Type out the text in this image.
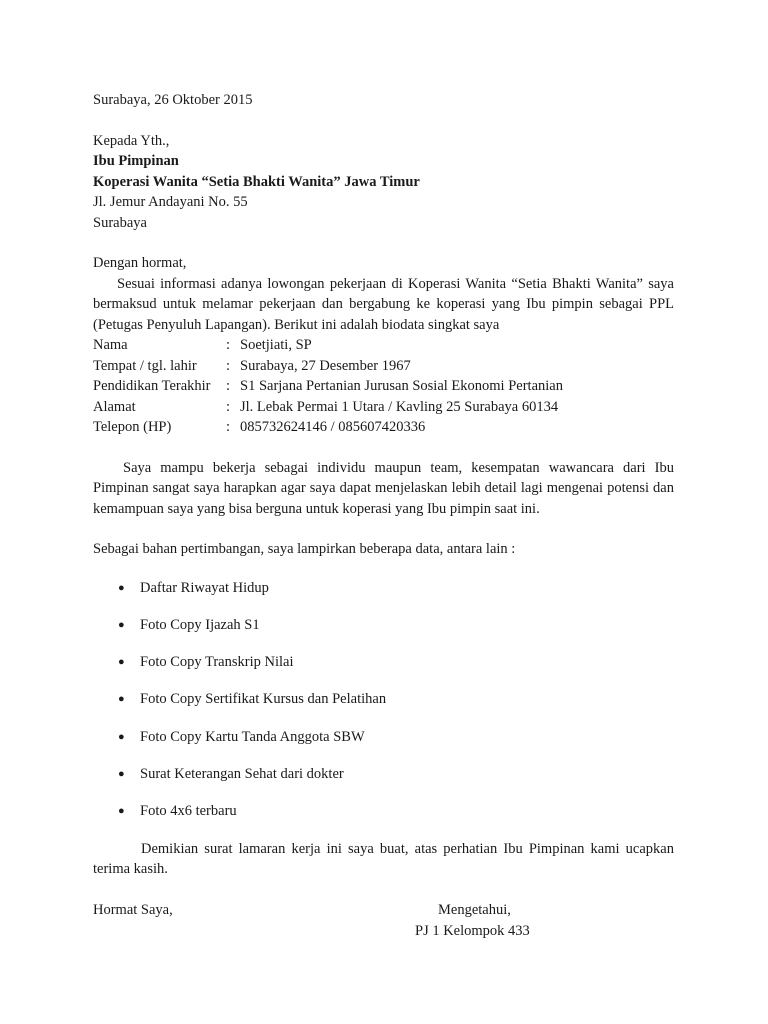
Surabaya, 26 Oktober 2015
Kepada Yth.,
Ibu Pimpinan
Koperasi Wanita “Setia Bhakti Wanita” Jawa Timur
Jl. Jemur Andayani No. 55
Surabaya
Dengan hormat,
Sesuai informasi adanya lowongan pekerjaan di Koperasi Wanita “Setia Bhakti Wanita” saya bermaksud untuk melamar pekerjaan dan bergabung ke koperasi yang Ibu pimpin sebagai PPL (Petugas Penyuluh Lapangan). Berikut ini adalah biodata singkat saya
Nama	: Soetjiati, SP
Tempat / tgl. lahir	: Surabaya, 27 Desember 1967
Pendidikan Terakhir	: S1 Sarjana Pertanian Jurusan Sosial Ekonomi Pertanian
Alamat	: Jl. Lebak Permai 1 Utara / Kavling 25 Surabaya 60134
Telepon (HP)	: 085732624146 / 085607420336
Saya mampu bekerja sebagai individu maupun team, kesempatan wawancara dari Ibu Pimpinan sangat saya harapkan agar saya dapat menjelaskan lebih detail lagi mengenai potensi dan kemampuan saya yang bisa berguna untuk koperasi yang Ibu pimpin saat ini.
Sebagai bahan pertimbangan, saya lampirkan beberapa data, antara lain :
● Daftar Riwayat Hidup
● Foto Copy Ijazah S1
● Foto Copy Transkrip Nilai
● Foto Copy Sertifikat Kursus dan Pelatihan
● Foto Copy Kartu Tanda Anggota SBW
● Surat Keterangan Sehat dari dokter
● Foto 4x6 terbaru
Demikian surat lamaran kerja ini saya buat, atas perhatian Ibu Pimpinan kami ucapkan terima kasih.
Hormat Saya,	Mengetahui,
PJ 1 Kelompok 433
